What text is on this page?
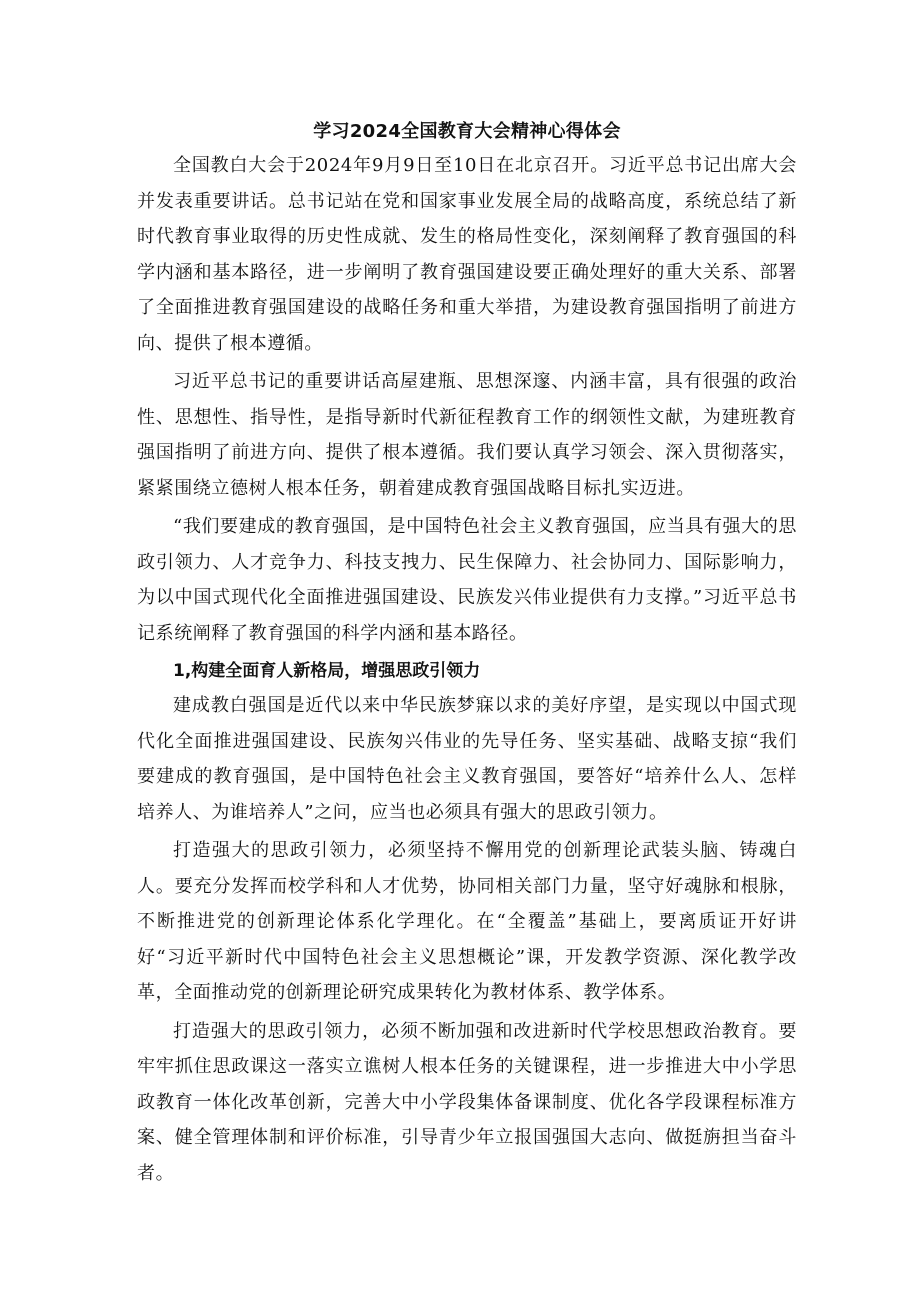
学习2024全国教育大会精神心得体会

全国教白大会于2024年9月9日至10日在北京召开。习近平总书记出席大会并发表重要讲话。总书记站在党和国家事业发展全局的战略高度，系统总结了新时代教育事业取得的历史性成就、发生的格局性变化，深刻阐释了教育强国的科学内涵和基本路径，进一步阐明了教育强国建设要正确处理好的重大关系、部署了全面推进教育强国建设的战略任务和重大举措，为建设教育强国指明了前进方向、提供了根本遵循。

习近平总书记的重要讲话高屋建瓶、思想深邃、内涵丰富，具有很强的政治性、思想性、指导性，是指导新时代新征程教育工作的纲领性文献，为建班教育强国指明了前进方向、提供了根本遵循。我们要认真学习领会、深入贯彻落实，紧紧围绕立德树人根本任务，朝着建成教育强国战略目标扎实迈进。

“我们要建成的教育强国，是中国特色社会主义教育强国，应当具有强大的思政引领力、人才竞争力、科技支拽力、民生保障力、社会协同力、国际影响力，为以中国式现代化全面推进强国建设、民族发兴伟业提供有力支撑。”习近平总书记系统阐释了教育强国的科学内涵和基本路径。

1,构建全面育人新格局，增强思政引领力

建成教白强国是近代以来中华民族梦寐以求的美好序望，是实现以中国式现代化全面推进强国建设、民族匆兴伟业的先导任务、坚实基础、战略支掠“我们要建成的教育强国，是中国特色社会主义教育强国，要答好“培养什么人、怎样培养人、为谁培养人”之问，应当也必须具有强大的思政引领力。

打造强大的思政引领力，必须坚持不懈用党的创新理论武装头脑、铸魂白人。要充分发挥而校学科和人才优势，协同相关部门力量，坚守好魂脉和根脉，不断推进党的创新理论体系化学理化。在“全覆盖”基础上，要离质证开好讲好“习近平新时代中国特色社会主义思想概论”课，开发教学资源、深化教学改革，全面推动党的创新理论研究成果转化为教材体系、教学体系。

打造强大的思政引领力，必须不断加强和改进新时代学校思想政治教育。要牢牢抓住思政课这一落实立谯树人根本任务的关键课程，进一步推进大中小学思政教育一体化改革创新，完善大中小学段集体备课制度、优化各学段课程标准方案、健全管理体制和评价标准，引导青少年立报国强国大志向、做挺旃担当奋斗者。
